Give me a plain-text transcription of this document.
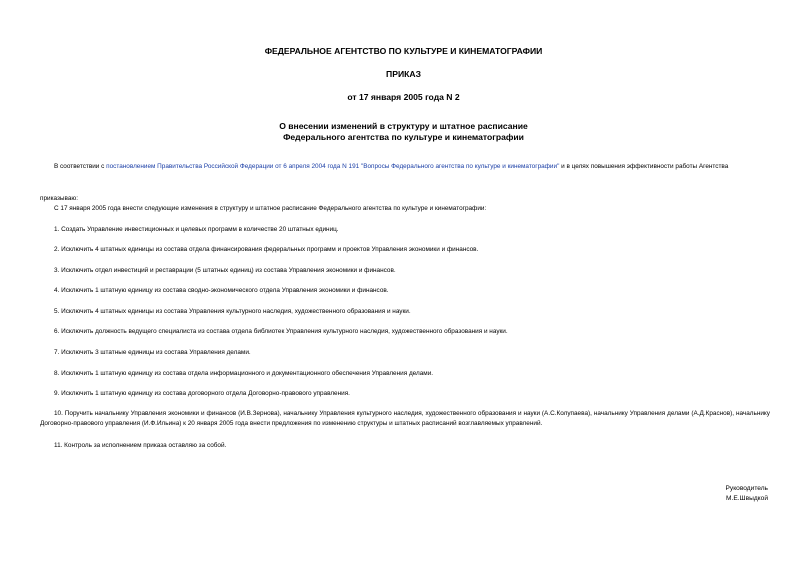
ФЕДЕРАЛЬНОЕ АГЕНТСТВО ПО КУЛЬТУРЕ И КИНЕМАТОГРАФИИ
ПРИКАЗ
от 17 января 2005 года N 2
О внесении изменений в структуру и штатное расписание
Федерального агентства по культуре и кинематографии
В соответствии с постановлением Правительства Российской Федерации от 6 апреля 2004 года N 191 "Вопросы Федерального агентства по культуре и кинематографии" и в целях повышения эффективности работы Агентства
приказываю:
С 17 января 2005 года внести следующие изменения в структуру и штатное расписание Федерального агентства по культуре и кинематографии:
1. Создать Управление инвестиционных и целевых программ в количестве 20 штатных единиц.
2. Исключить 4 штатных единицы из состава отдела финансирования федеральных программ и проектов Управления экономики и финансов.
3. Исключить отдел инвестиций и реставрации (5 штатных единиц) из состава Управления экономики и финансов.
4. Исключить 1 штатную единицу из состава сводно-экономического отдела Управления экономики и финансов.
5. Исключить 4 штатных единицы из состава Управления культурного наследия, художественного образования и науки.
6. Исключить должность ведущего специалиста из состава отдела библиотек Управления культурного наследия, художественного образования и науки.
7. Исключить 3 штатные единицы из состава Управления делами.
8. Исключить 1 штатную единицу из состава отдела информационного и документационного обеспечения Управления делами.
9. Исключить 1 штатную единицу из состава договорного отдела Договорно-правового управления.
10. Поручить начальнику Управления экономики и финансов (И.В.Зернова), начальнику Управления культурного наследия, художественного образования и науки (А.С.Колупаева), начальнику Управления делами (А.Д.Краснов), начальнику Договорно-правового управления (И.Ф.Ильина) к 20 января 2005 года внести предложения по изменению структуры и штатных расписаний возглавляемых управлений.
11. Контроль за исполнением приказа оставляю за собой.
Руководитель
М.Е.Швыдкой
